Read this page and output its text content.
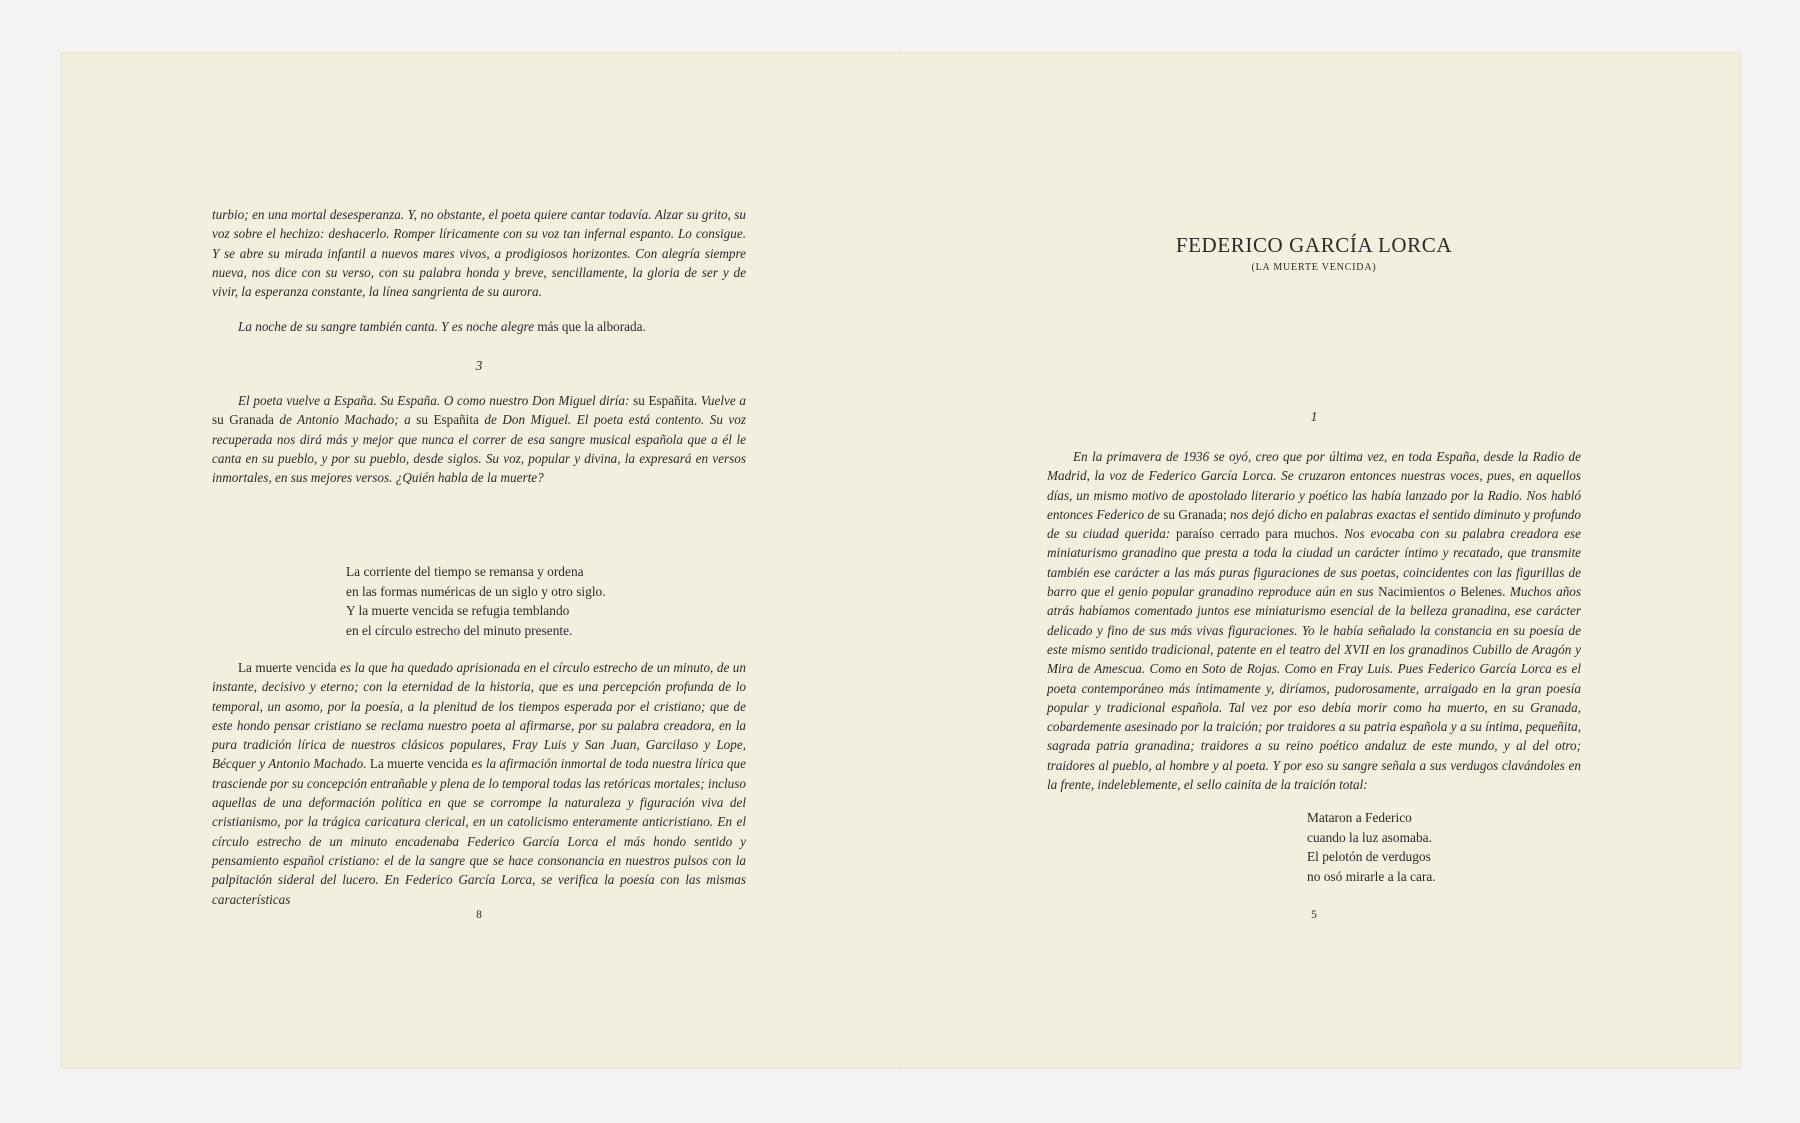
turbio; en una mortal desesperanza. Y, no obstante, el poeta quiere cantar todavía. Alzar su grito, su voz sobre el hechizo: deshacerlo. Romper líricamente con su voz tan infernal espanto. Lo consigue. Y se abre su mirada infantil a nuevos mares vivos, a prodigiosos horizontes. Con alegría siempre nueva, nos dice con su verso, con su palabra honda y breve, sencillamente, la gloria de ser y de vivir, la esperanza constante, la línea sangrienta de su aurora.

La noche de su sangre también canta. Y es noche alegre más que la alborada.

3

El poeta vuelve a España. Su España. O como nuestro Don Miguel diría: su Españita. Vuelve a su Granada de Antonio Machado; a su Españita de Don Miguel. El poeta está contento. Su voz recuperada nos dirá más y mejor que nunca el correr de esa sangre musical española que a él le canta en su pueblo, y por su pueblo, desde siglos. Su voz, popular y divina, la expresará en versos inmortales, en sus mejores versos. ¿Quién habla de la muerte?

La corriente del tiempo se remansa y ordena
en las formas numéricas de un siglo y otro siglo.
Y la muerte vencida se refugia temblando
en el círculo estrecho del minuto presente.

La muerte vencida es la que ha quedado aprisionada en el círculo estrecho de un minuto, de un instante, decisivo y eterno; con la eternidad de la historia, que es una percepción profunda de lo temporal, un asomo, por la poesía, a la plenitud de los tiempos esperada por el cristiano; que de este hondo pensar cristiano se reclama nuestro poeta al afirmarse, por su palabra creadora, en la pura tradición lírica de nuestros clásicos populares, Fray Luis y San Juan, Garcilaso y Lope, Bécquer y Antonio Machado. La muerte vencida es la afirmación inmortal de toda nuestra lírica que trasciende por su concepción entrañable y plena de lo temporal todas las retóricas mortales; incluso aquellas de una deformación política en que se corrompe la naturaleza y figuración viva del cristianismo, por la trágica caricatura clerical, en un catolicismo enteramente anticristiano. En el círculo estrecho de un minuto encadenaba Federico García Lorca el más hondo sentido y pensamiento español cristiano: el de la sangre que se hace consonancia en nuestros pulsos con la palpitación sideral del lucero. En Federico García Lorca, se verifica la poesía con las mismas características

8
FEDERICO GARCÍA LORCA
(LA MUERTE VENCIDA)
1

En la primavera de 1936 se oyó, creo que por última vez, en toda España, desde la Radio de Madrid, la voz de Federico García Lorca. Se cruzaron entonces nuestras voces, pues, en aquellos días, un mismo motivo de apostolado literario y poético las había lanzado por la Radio. Nos habló entonces Federico de su Granada; nos dejó dicho en palabras exactas el sentido diminuto y profundo de su ciudad querida: paraíso cerrado para muchos. Nos evocaba con su palabra creadora ese miniaturismo granadino que presta a toda la ciudad un carácter íntimo y recatado, que transmite también ese carácter a las más puras figuraciones de sus poetas, coincidentes con las figurillas de barro que el genio popular granadino reproduce aún en sus Nacimientos o Belenes. Muchos años atrás habíamos comentado juntos ese miniaturismo esencial de la belleza granadina, ese carácter delicado y fino de sus más vivas figuraciones. Yo le había señalado la constancia en su poesía de este mismo sentido tradicional, patente en el teatro del XVII en los granadinos Cubillo de Aragón y Mira de Amescua. Como en Soto de Rojas. Como en Fray Luis. Pues Federico García Lorca es el poeta contemporáneo más íntimamente y, diríamos, pudorosamente, arraigado en la gran poesía popular y tradicional española. Tal vez por eso debía morir como ha muerto, en su Granada, cobardemente asesinado por la traición; por traidores a su patria española y a su íntima, pequeñita, sagrada patria granadina; traidores a su reino poético andaluz de este mundo, y al del otro; traidores al pueblo, al hombre y al poeta. Y por eso su sangre señala a sus verdugos clavándoles en la frente, indeleblemente, el sello cainita de la traición total:

Mataron a Federico
cuando la luz asomaba.
El pelotón de verdugos
no osó mirarle a la cara.
5
